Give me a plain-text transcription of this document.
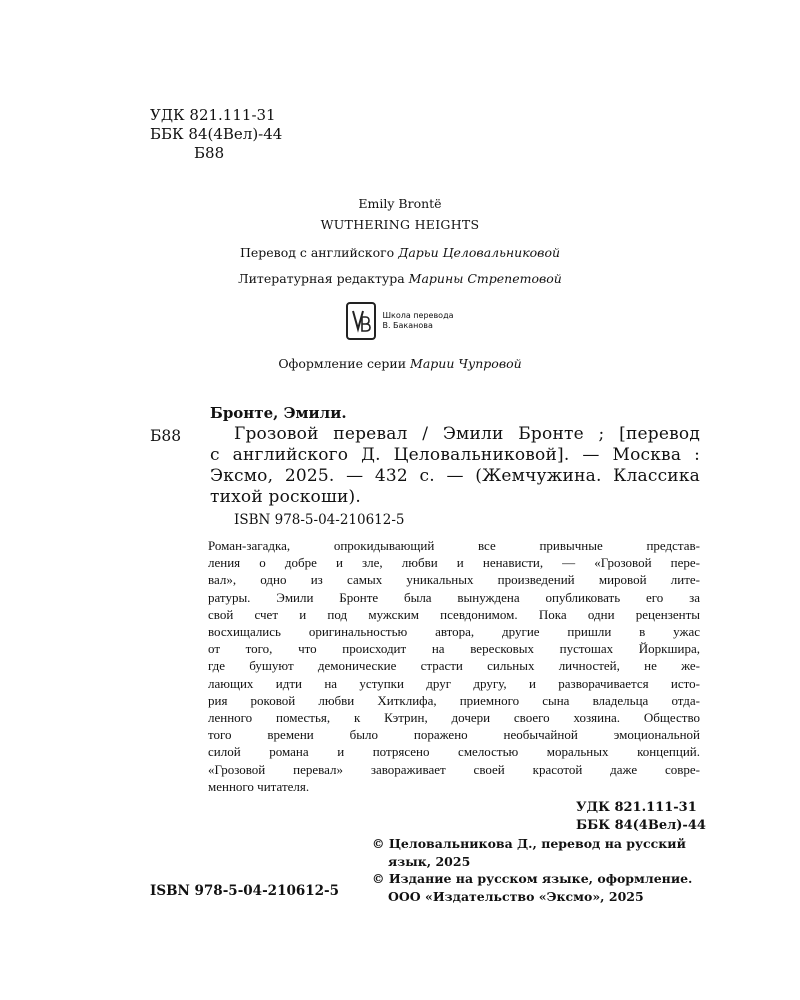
УДК 821.111-31
ББК 84(4Вел)-44
Б88
Emily Brontë
WUTHERING HEIGHTS
Перевод с английского Дарьи Целовальниковой
Литературная редактура Марины Стрепетовой
Школа перевода
В. Баканова
Оформление серии Марии Чупровой
Бронте, Эмили.
Б88	Грозовой перевал / Эмили Бронте ; [перевод
с английского Д. Целовальниковой]. — Москва :
Эксмо, 2025. — 432 с. — (Жемчужина. Классика
тихой роскоши).
ISBN 978-5-04-210612-5
Роман-загадка, опрокидывающий все привычные представ-
ления о добре и зле, любви и ненависти, — «Грозовой пере-
вал», одно из самых уникальных произведений мировой лите-
ратуры. Эмили Бронте была вынуждена опубликовать его за
свой счет и под мужским псевдонимом. Пока одни рецензенты
восхищались оригинальностью автора, другие пришли в ужас
от того, что происходит на вересковых пустошах Йоркшира,
где бушуют демонические страсти сильных личностей, не же-
лающих идти на уступки друг другу, и разворачивается исто-
рия роковой любви Хитклифа, приемного сына владельца отда-
ленного поместья, к Кэтрин, дочери своего хозяина. Общество
того времени было поражено необычайной эмоциональной
силой романа и потрясено смелостью моральных концепций.
«Грозовой перевал» завораживает своей красотой даже совре-
менного читателя.
УДК 821.111-31
ББК 84(4Вел)-44
© Целовальникова Д., перевод на русский
язык, 2025
© Издание на русском языке, оформление.
ООО «Издательство «Эксмо», 2025
ISBN 978-5-04-210612-5
